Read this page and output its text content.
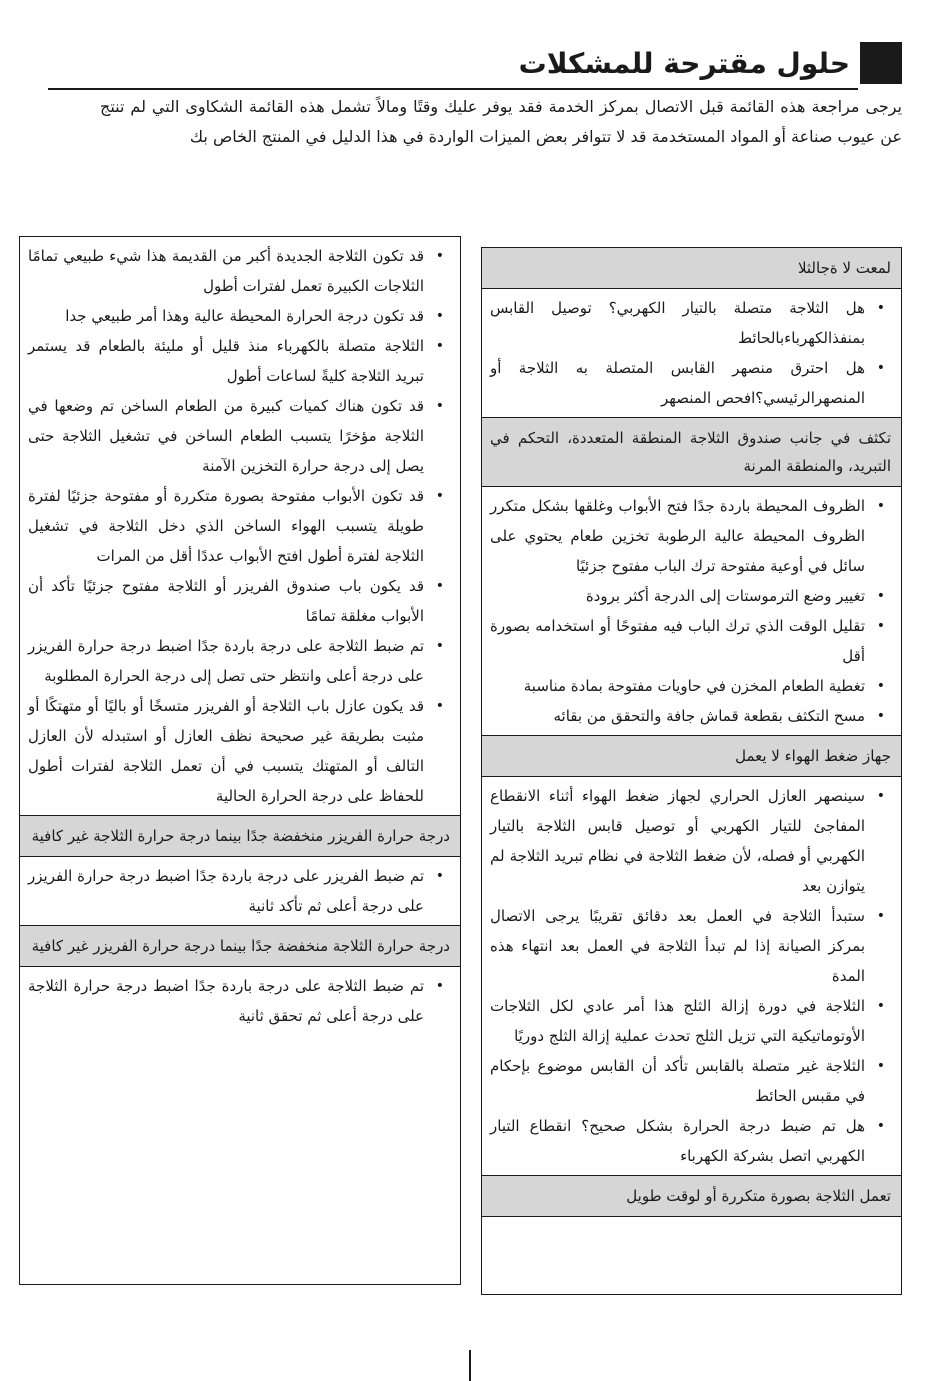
حلول مقترحة للمشكلات
يرجى مراجعة هذه القائمة قبل الاتصال بمركز الخدمة فقد يوفر عليك وقتًا ومالاً تشمل هذه القائمة الشكاوى التي لم تنتج عن عيوب صناعة أو المواد المستخدمة قد لا تتوافر بعض الميزات الواردة في هذا الدليل في المنتج الخاص بك
لمعت لا ةجالثلا
• هل الثلاجة متصلة بالتيار الكهربي؟ توصيل القابس بمنفذالكهرباءبالحائط
• هل احترق منصهر القابس المتصلة به الثلاجة أو المنصهرالرئيسي؟افحص المنصهر
تكثف في جانب صندوق الثلاجة المنطقة المتعددة، التحكم في التبريد، والمنطقة المرنة
• الظروف المحيطة باردة جدًا فتح الأبواب وغلقها بشكل متكرر الظروف المحيطة عالية الرطوبة تخزين طعام يحتوي على سائل في أوعية مفتوحة ترك الباب مفتوح جزئيًا
• تغيير وضع الترموستات إلى الدرجة أكثر برودة
• تقليل الوقت الذي ترك الباب فيه مفتوحًا أو استخدامه بصورة أقل
• تغطية الطعام المخزن في حاويات مفتوحة بمادة مناسبة
• مسح التكثف بقطعة قماش جافة والتحقق من بقائه
جهاز ضغط الهواء لا يعمل
• سينصهر العازل الحراري لجهاز ضغط الهواء أثناء الانقطاع المفاجئ للتيار الكهربي أو توصيل قابس الثلاجة بالتيار الكهربي أو فصله، لأن ضغط الثلاجة في نظام تبريد الثلاجة لم يتوازن بعد
• ستبدأ الثلاجة في العمل بعد دقائق تقريبًا يرجى الاتصال بمركز الصيانة إذا لم تبدأ الثلاجة في العمل بعد انتهاء هذه المدة
• الثلاجة في دورة إزالة الثلج هذا أمر عادي لكل الثلاجات الأوتوماتيكية التي تزيل الثلج تحدث عملية إزالة الثلج دوريًا
• الثلاجة غير متصلة بالقابس تأكد أن القابس موضوع بإحكام في مقبس الحائط
• هل تم ضبط درجة الحرارة بشكل صحيح؟ انقطاع التيار الكهربي اتصل بشركة الكهرباء
تعمل الثلاجة بصورة متكررة أو لوقت طويل
• قد تكون الثلاجة الجديدة أكبر من القديمة هذا شيء طبيعي تمامًا الثلاجات الكبيرة تعمل لفترات أطول
• قد تكون درجة الحرارة المحيطة عالية وهذا أمر طبيعي جدا
• الثلاجة متصلة بالكهرباء منذ قليل أو مليئة بالطعام قد يستمر تبريد الثلاجة كليةً لساعات أطول
• قد تكون هناك كميات كبيرة من الطعام الساخن تم وضعها في الثلاجة مؤخرًا يتسبب الطعام الساخن في تشغيل الثلاجة حتى يصل إلى درجة حرارة التخزين الآمنة
• قد تكون الأبواب مفتوحة بصورة متكررة أو مفتوحة جزئيًا لفترة طويلة يتسبب الهواء الساخن الذي دخل الثلاجة في تشغيل الثلاجة لفترة أطول افتح الأبواب عددًا أقل من المرات
• قد يكون باب صندوق الفريزر أو الثلاجة مفتوح جزئيًا تأكد أن الأبواب مغلقة تمامًا
• تم ضبط الثلاجة على درجة باردة جدًا اضبط درجة حرارة الفريزر على درجة أعلى وانتظر حتى تصل إلى درجة الحرارة المطلوبة
• قد يكون عازل باب الثلاجة أو الفريزر متسخًا أو باليًا أو متهتكًا أو مثبت بطريقة غير صحيحة نظف العازل أو استبدله لأن العازل التالف أو المتهتك يتسبب في أن تعمل الثلاجة لفترات أطول للحفاظ على درجة الحرارة الحالية
درجة حرارة الفريزر منخفضة جدًا بينما درجة حرارة الثلاجة غير كافية
• تم ضبط الفريزر على درجة باردة جدًا اضبط درجة حرارة الفريزر على درجة أعلى ثم تأكد ثانية
درجة حرارة الثلاجة منخفضة جدًا بينما درجة حرارة الفريزر غير كافية
• تم ضبط الثلاجة على درجة باردة جدًا اضبط درجة حرارة الثلاجة على درجة أعلى ثم تحقق ثانية
